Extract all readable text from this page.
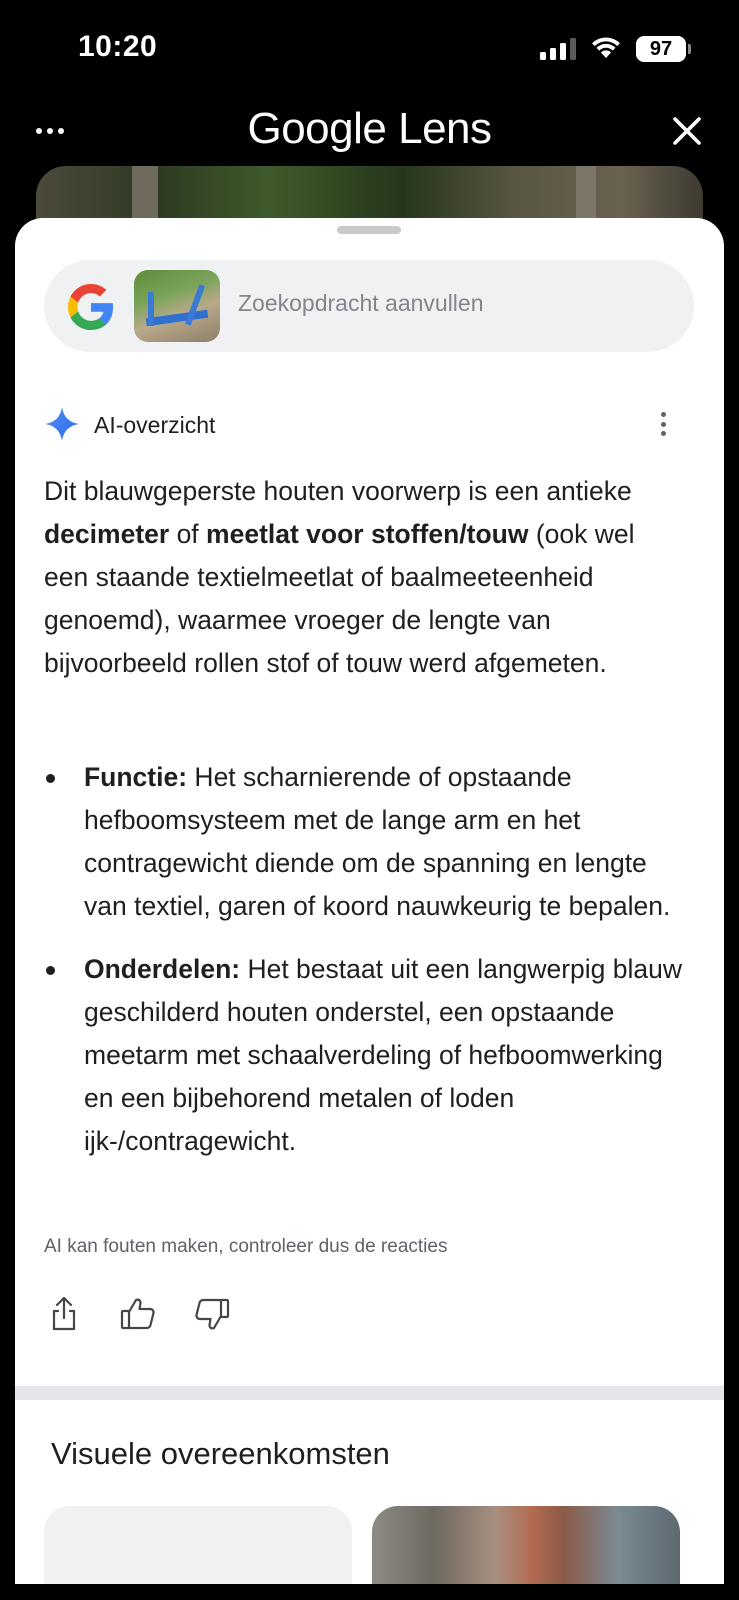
10:20	97
Google Lens
Zoekopdracht aanvullen
AI-overzicht
Dit blauwgeperste houten voorwerp is een antieke decimeter of meetlat voor stoffen/touw (ook wel een staande textielmeetlat of baalmeeteenheid genoemd), waarmee vroeger de lengte van bijvoorbeeld rollen stof of touw werd afgemeten.
Functie: Het scharnierende of opstaande hefboomsysteem met de lange arm en het contragewicht diende om de spanning en lengte van textiel, garen of koord nauwkeurig te bepalen.
Onderdelen: Het bestaat uit een langwerpig blauw geschilderd houten onderstel, een opstaande meetarm met schaalverdeling of hefboomwerking en een bijbehorend metalen of loden ijk-/contragewicht.
AI kan fouten maken, controleer dus de reacties
Visuele overeenkomsten
